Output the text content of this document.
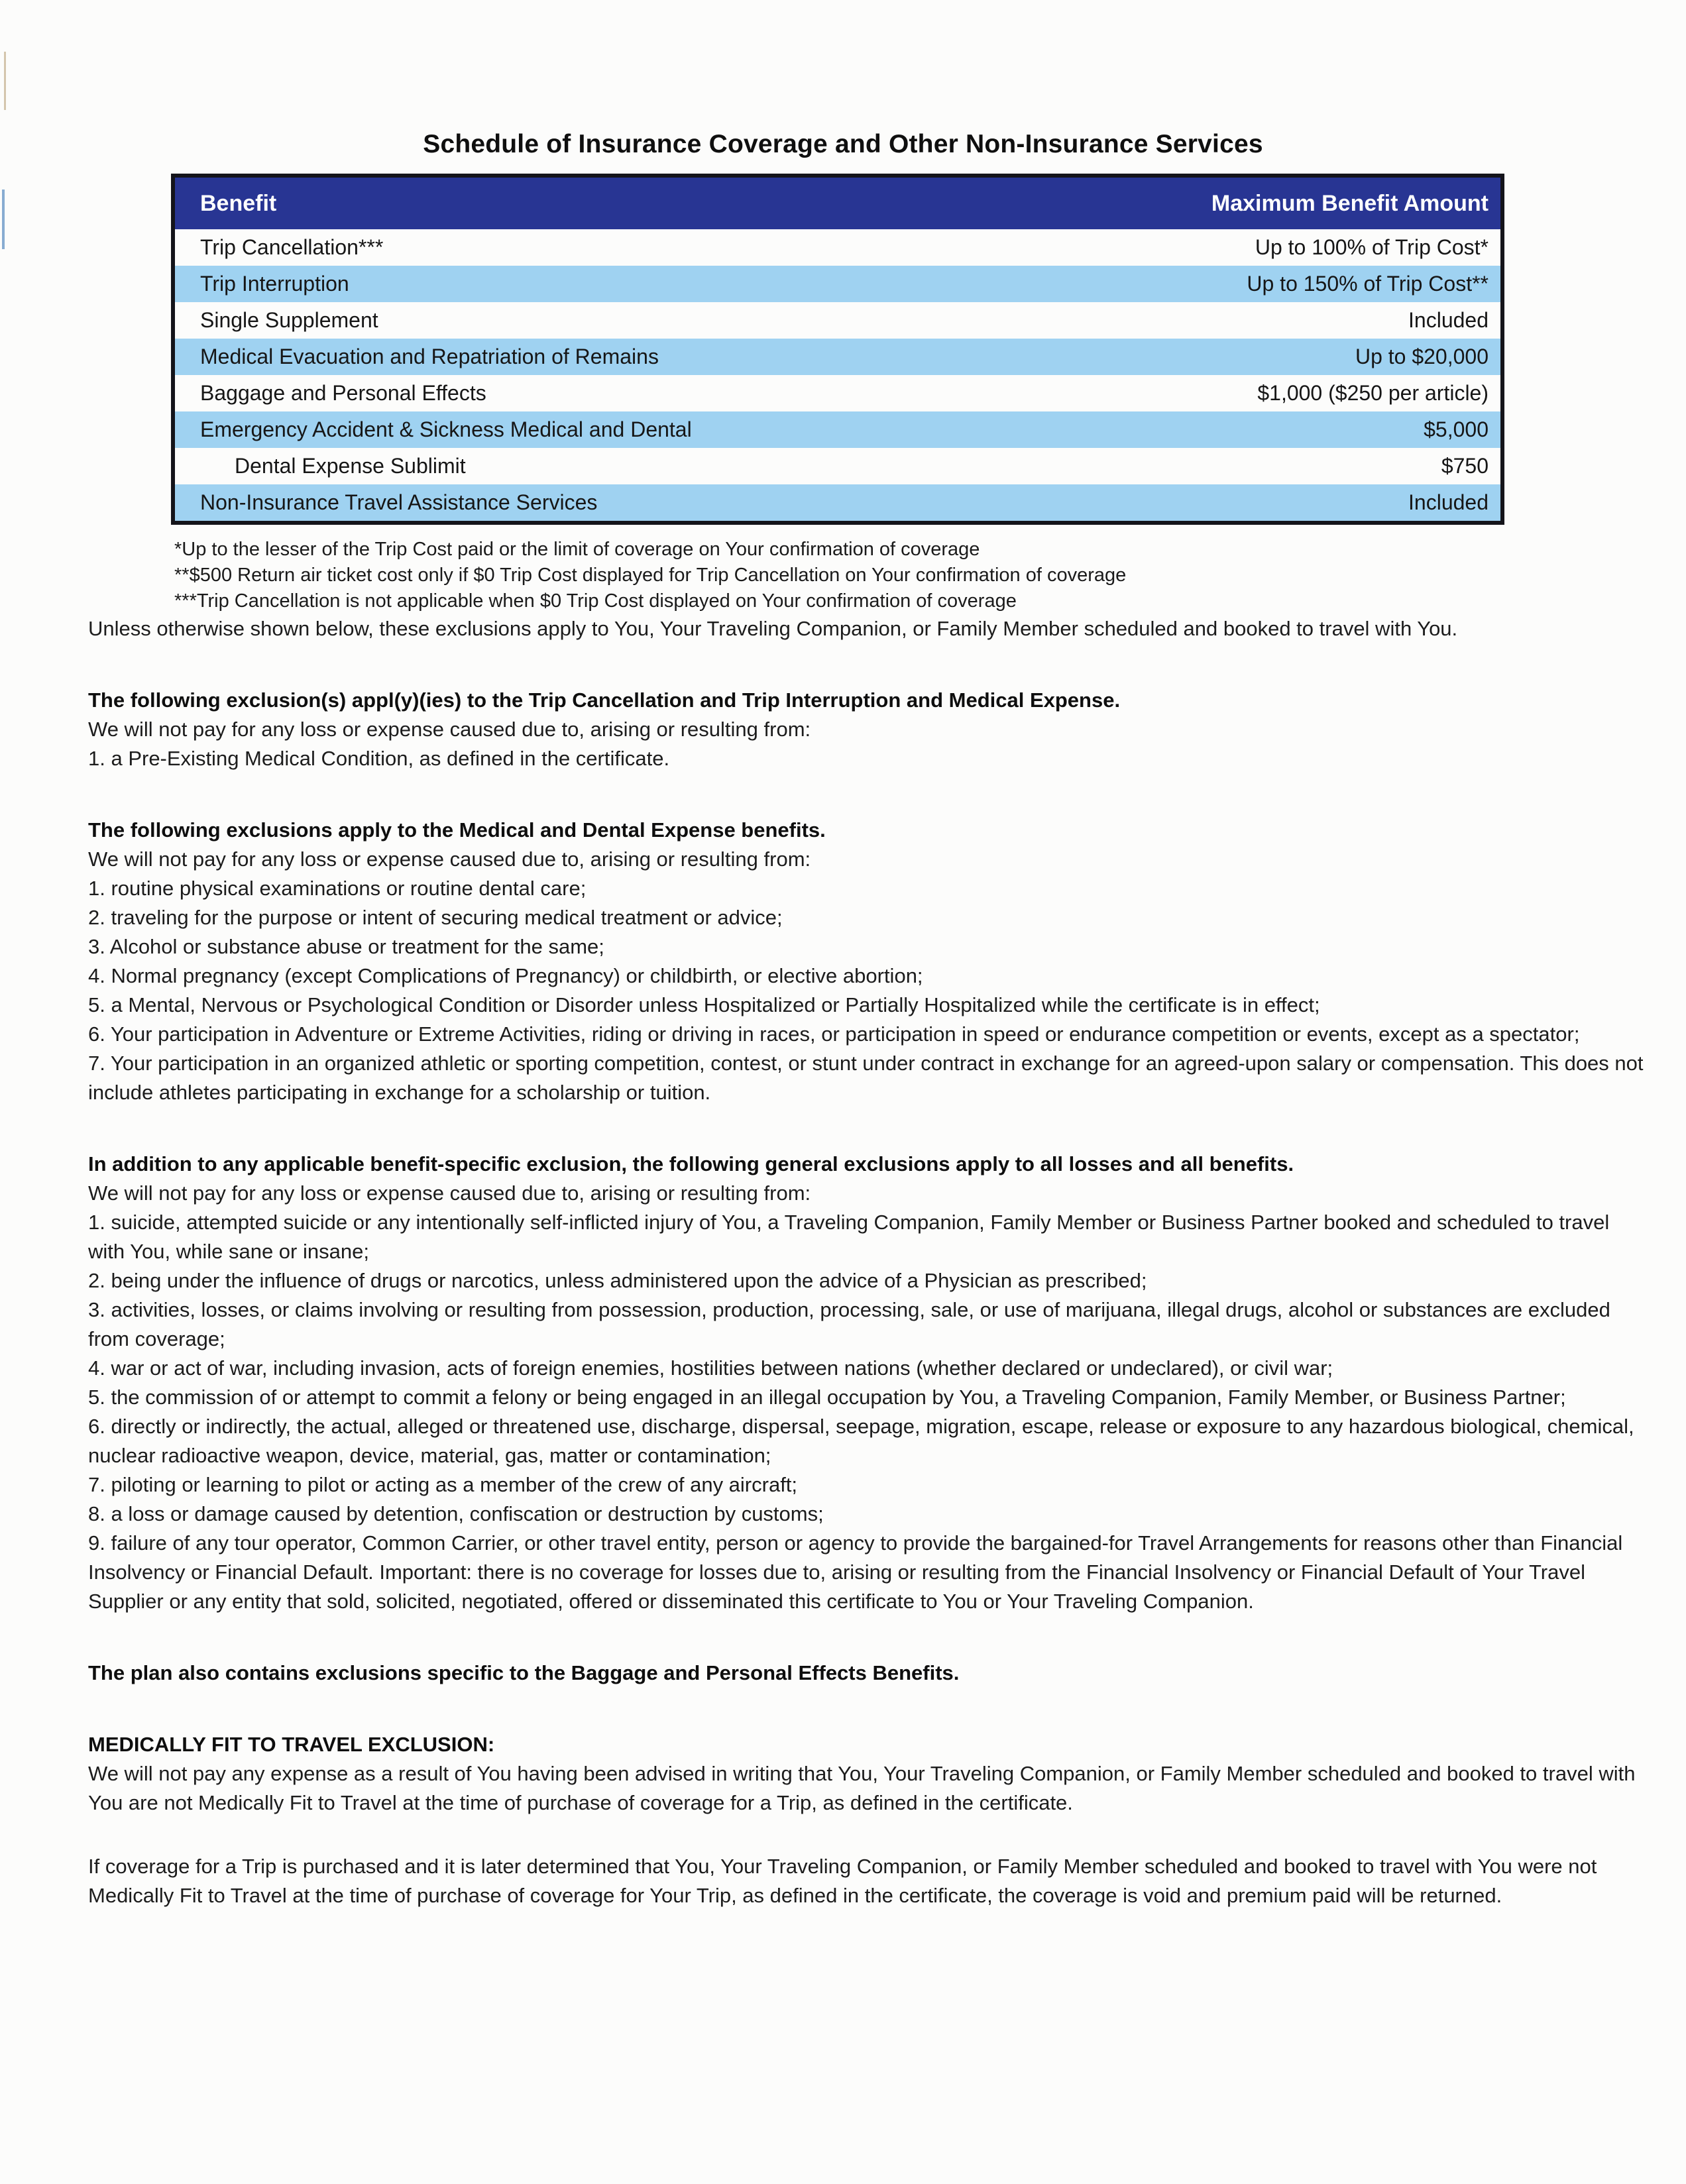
Schedule of Insurance Coverage and Other Non-Insurance Services
Benefit	Maximum Benefit Amount
Trip Cancellation***	Up to 100% of Trip Cost*
Trip Interruption	Up to 150% of Trip Cost**
Single Supplement	Included
Medical Evacuation and Repatriation of Remains	Up to $20,000
Baggage and Personal Effects	$1,000 ($250 per article)
Emergency Accident & Sickness Medical and Dental	$5,000
Dental Expense Sublimit	$750
Non-Insurance Travel Assistance Services	Included

*Up to the lesser of the Trip Cost paid or the limit of coverage on Your confirmation of coverage

**$500 Return air ticket cost only if $0 Trip Cost displayed for Trip Cancellation on Your confirmation of coverage

***Trip Cancellation is not applicable when $0 Trip Cost displayed on Your confirmation of coverage

Unless otherwise shown below, these exclusions apply to You, Your Traveling Companion, or Family Member scheduled and booked to travel with You.

The following exclusion(s) appl(y)(ies) to the Trip Cancellation and Trip Interruption and Medical Expense.

We will not pay for any loss or expense caused due to, arising or resulting from:

1. a Pre-Existing Medical Condition, as defined in the certificate.

The following exclusions apply to the Medical and Dental Expense benefits.

We will not pay for any loss or expense caused due to, arising or resulting from:

1. routine physical examinations or routine dental care;

2. traveling for the purpose or intent of securing medical treatment or advice;

3. Alcohol or substance abuse or treatment for the same;

4. Normal pregnancy (except Complications of Pregnancy) or childbirth, or elective abortion;

5. a Mental, Nervous or Psychological Condition or Disorder unless Hospitalized or Partially Hospitalized while the certificate is in effect;

6. Your participation in Adventure or Extreme Activities, riding or driving in races, or participation in speed or endurance competition or events, except as a spectator;

7. Your participation in an organized athletic or sporting competition, contest, or stunt under contract in exchange for an agreed-upon salary or compensation. This does not include athletes participating in exchange for a scholarship or tuition.

In addition to any applicable benefit-specific exclusion, the following general exclusions apply to all losses and all benefits.

We will not pay for any loss or expense caused due to, arising or resulting from:

1. suicide, attempted suicide or any intentionally self-inflicted injury of You, a Traveling Companion, Family Member or Business Partner booked and scheduled to travel with You, while sane or insane;

2. being under the influence of drugs or narcotics, unless administered upon the advice of a Physician as prescribed;

3. activities, losses, or claims involving or resulting from possession, production, processing, sale, or use of marijuana, illegal drugs, alcohol or substances are excluded from coverage;

4. war or act of war, including invasion, acts of foreign enemies, hostilities between nations (whether declared or undeclared), or civil war;

5. the commission of or attempt to commit a felony or being engaged in an illegal occupation by You, a Traveling Companion, Family Member, or Business Partner;

6. directly or indirectly, the actual, alleged or threatened use, discharge, dispersal, seepage, migration, escape, release or exposure to any hazardous biological, chemical, nuclear radioactive weapon, device, material, gas, matter or contamination;

7. piloting or learning to pilot or acting as a member of the crew of any aircraft;

8. a loss or damage caused by detention, confiscation or destruction by customs;

9. failure of any tour operator, Common Carrier, or other travel entity, person or agency to provide the bargained-for Travel Arrangements for reasons other than Financial Insolvency or Financial Default. Important: there is no coverage for losses due to, arising or resulting from the Financial Insolvency or Financial Default of Your Travel Supplier or any entity that sold, solicited, negotiated, offered or disseminated this certificate to You or Your Traveling Companion.

The plan also contains exclusions specific to the Baggage and Personal Effects Benefits.

MEDICALLY FIT TO TRAVEL EXCLUSION:

We will not pay any expense as a result of You having been advised in writing that You, Your Traveling Companion, or Family Member scheduled and booked to travel with You are not Medically Fit to Travel at the time of purchase of coverage for a Trip, as defined in the certificate.

If coverage for a Trip is purchased and it is later determined that You, Your Traveling Companion, or Family Member scheduled and booked to travel with You were not Medically Fit to Travel at the time of purchase of coverage for Your Trip, as defined in the certificate, the coverage is void and premium paid will be returned.
